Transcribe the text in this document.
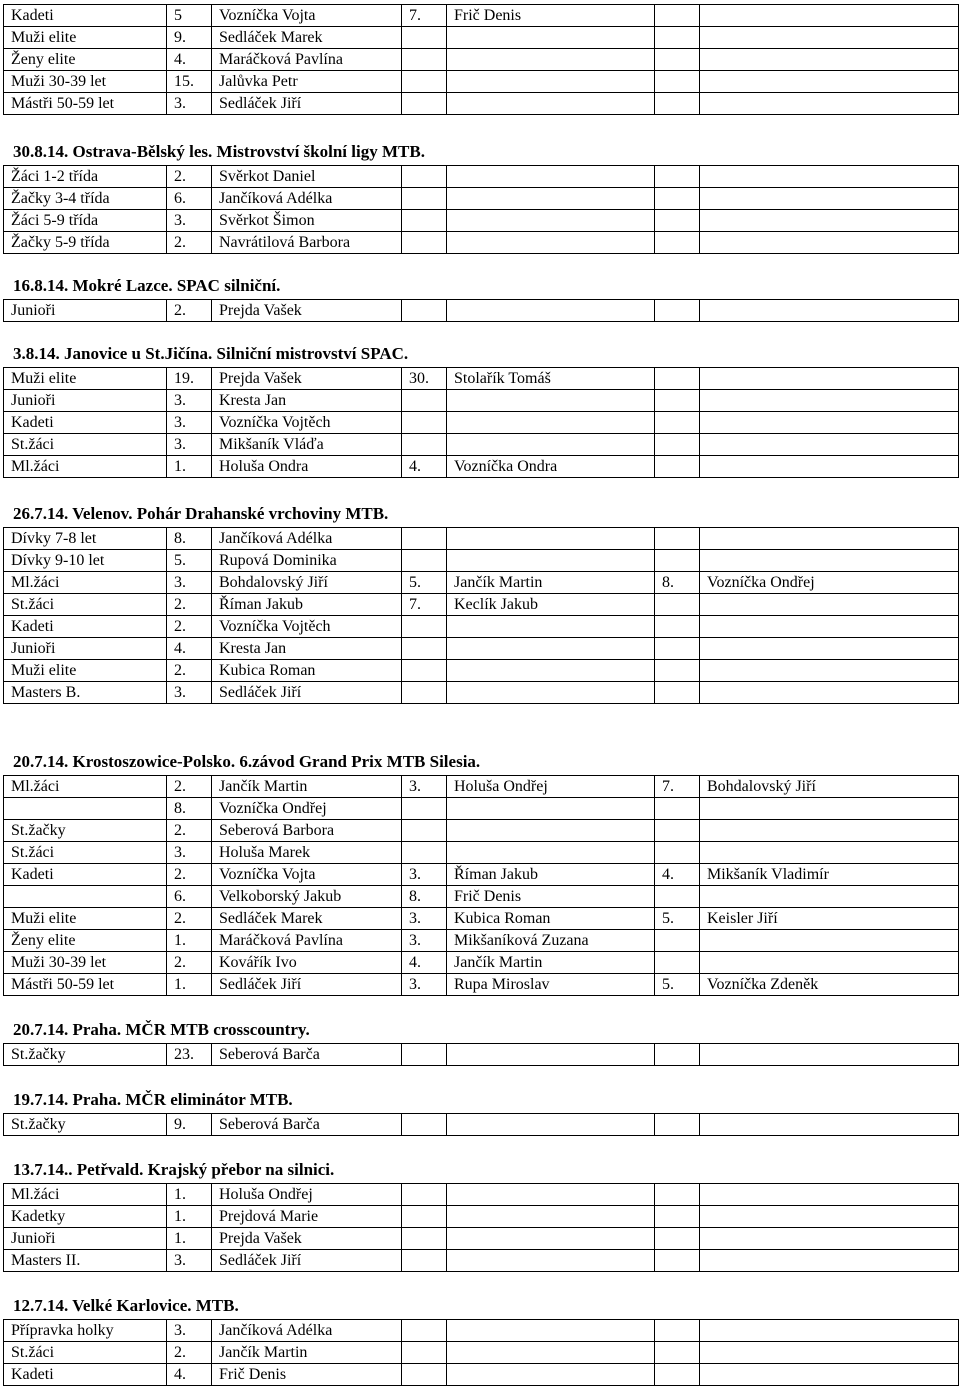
Kadeti	5	Vozníčka Vojta	7.	Frič Denis		
Muži elite	9.	Sedláček Marek				
Ženy elite	4.	Maráčková Pavlína				
Muži 30-39 let	15.	Jalůvka Petr				
Mástři 50-59 let	3.	Sedláček Jiří				
30.8.14. Ostrava-Bělský les. Mistrovství školní ligy MTB.
Žáci 1-2 třída	2.	Svěrkot Daniel				
Žačky 3-4 třída	6.	Jančíková Adélka				
Žáci 5-9 třída	3.	Svěrkot Šimon				
Žačky 5-9 třída	2.	Navrátilová Barbora				
16.8.14. Mokré Lazce. SPAC silniční.
Junioři	2.	Prejda Vašek				
3.8.14. Janovice u St.Jičína. Silniční mistrovství SPAC.
Muži elite	19.	Prejda Vašek	30.	Stolařík Tomáš		
Junioři	3.	Kresta Jan				
Kadeti	3.	Vozníčka Vojtěch				
St.žáci	3.	Mikšaník Vláďa				
Ml.žáci	1.	Holuša Ondra	4.	Vozníčka Ondra		
26.7.14. Velenov. Pohár Drahanské vrchoviny MTB.
Dívky 7-8 let	8.	Jančíková Adélka				
Dívky 9-10 let	5.	Rupová Dominika				
Ml.žáci	3.	Bohdalovský Jiří	5.	Jančík Martin	8.	Vozníčka Ondřej
St.žáci	2.	Říman Jakub	7.	Keclík Jakub		
Kadeti	2.	Vozníčka Vojtěch				
Junioři	4.	Kresta Jan				
Muži elite	2.	Kubica Roman				
Masters B.	3.	Sedláček Jiří				
20.7.14. Krostoszowice-Polsko. 6.závod Grand Prix MTB Silesia.
Ml.žáci	2.	Jančík Martin	3.	Holuša Ondřej	7.	Bohdalovský Jiří
	8.	Vozníčka Ondřej				
St.žačky	2.	Seberová Barbora				
St.žáci	3.	Holuša Marek				
Kadeti	2.	Vozníčka Vojta	3.	Říman Jakub	4.	Mikšaník Vladimír
	6.	Velkoborský Jakub	8.	Frič Denis		
Muži elite	2.	Sedláček Marek	3.	Kubica Roman	5.	Keisler Jiří
Ženy elite	1.	Maráčková Pavlína	3.	Mikšaníková Zuzana		
Muži 30-39 let	2.	Kovářík Ivo	4.	Jančík Martin		
Mástři 50-59 let	1.	Sedláček Jiří	3.	Rupa Miroslav	5.	Vozníčka Zdeněk
20.7.14. Praha. MČR MTB crosscountry.
St.žačky	23.	Seberová Barča				
19.7.14. Praha. MČR eliminátor MTB.
St.žačky	9.	Seberová Barča				
13.7.14.. Petřvald. Krajský přebor na silnici.
Ml.žáci	1.	Holuša Ondřej				
Kadetky	1.	Prejdová Marie				
Junioři	1.	Prejda Vašek				
Masters II.	3.	Sedláček Jiří				
12.7.14. Velké Karlovice. MTB.
Přípravka holky	3.	Jančíková Adélka				
St.žáci	2.	Jančík Martin				
Kadeti	4.	Frič Denis				
